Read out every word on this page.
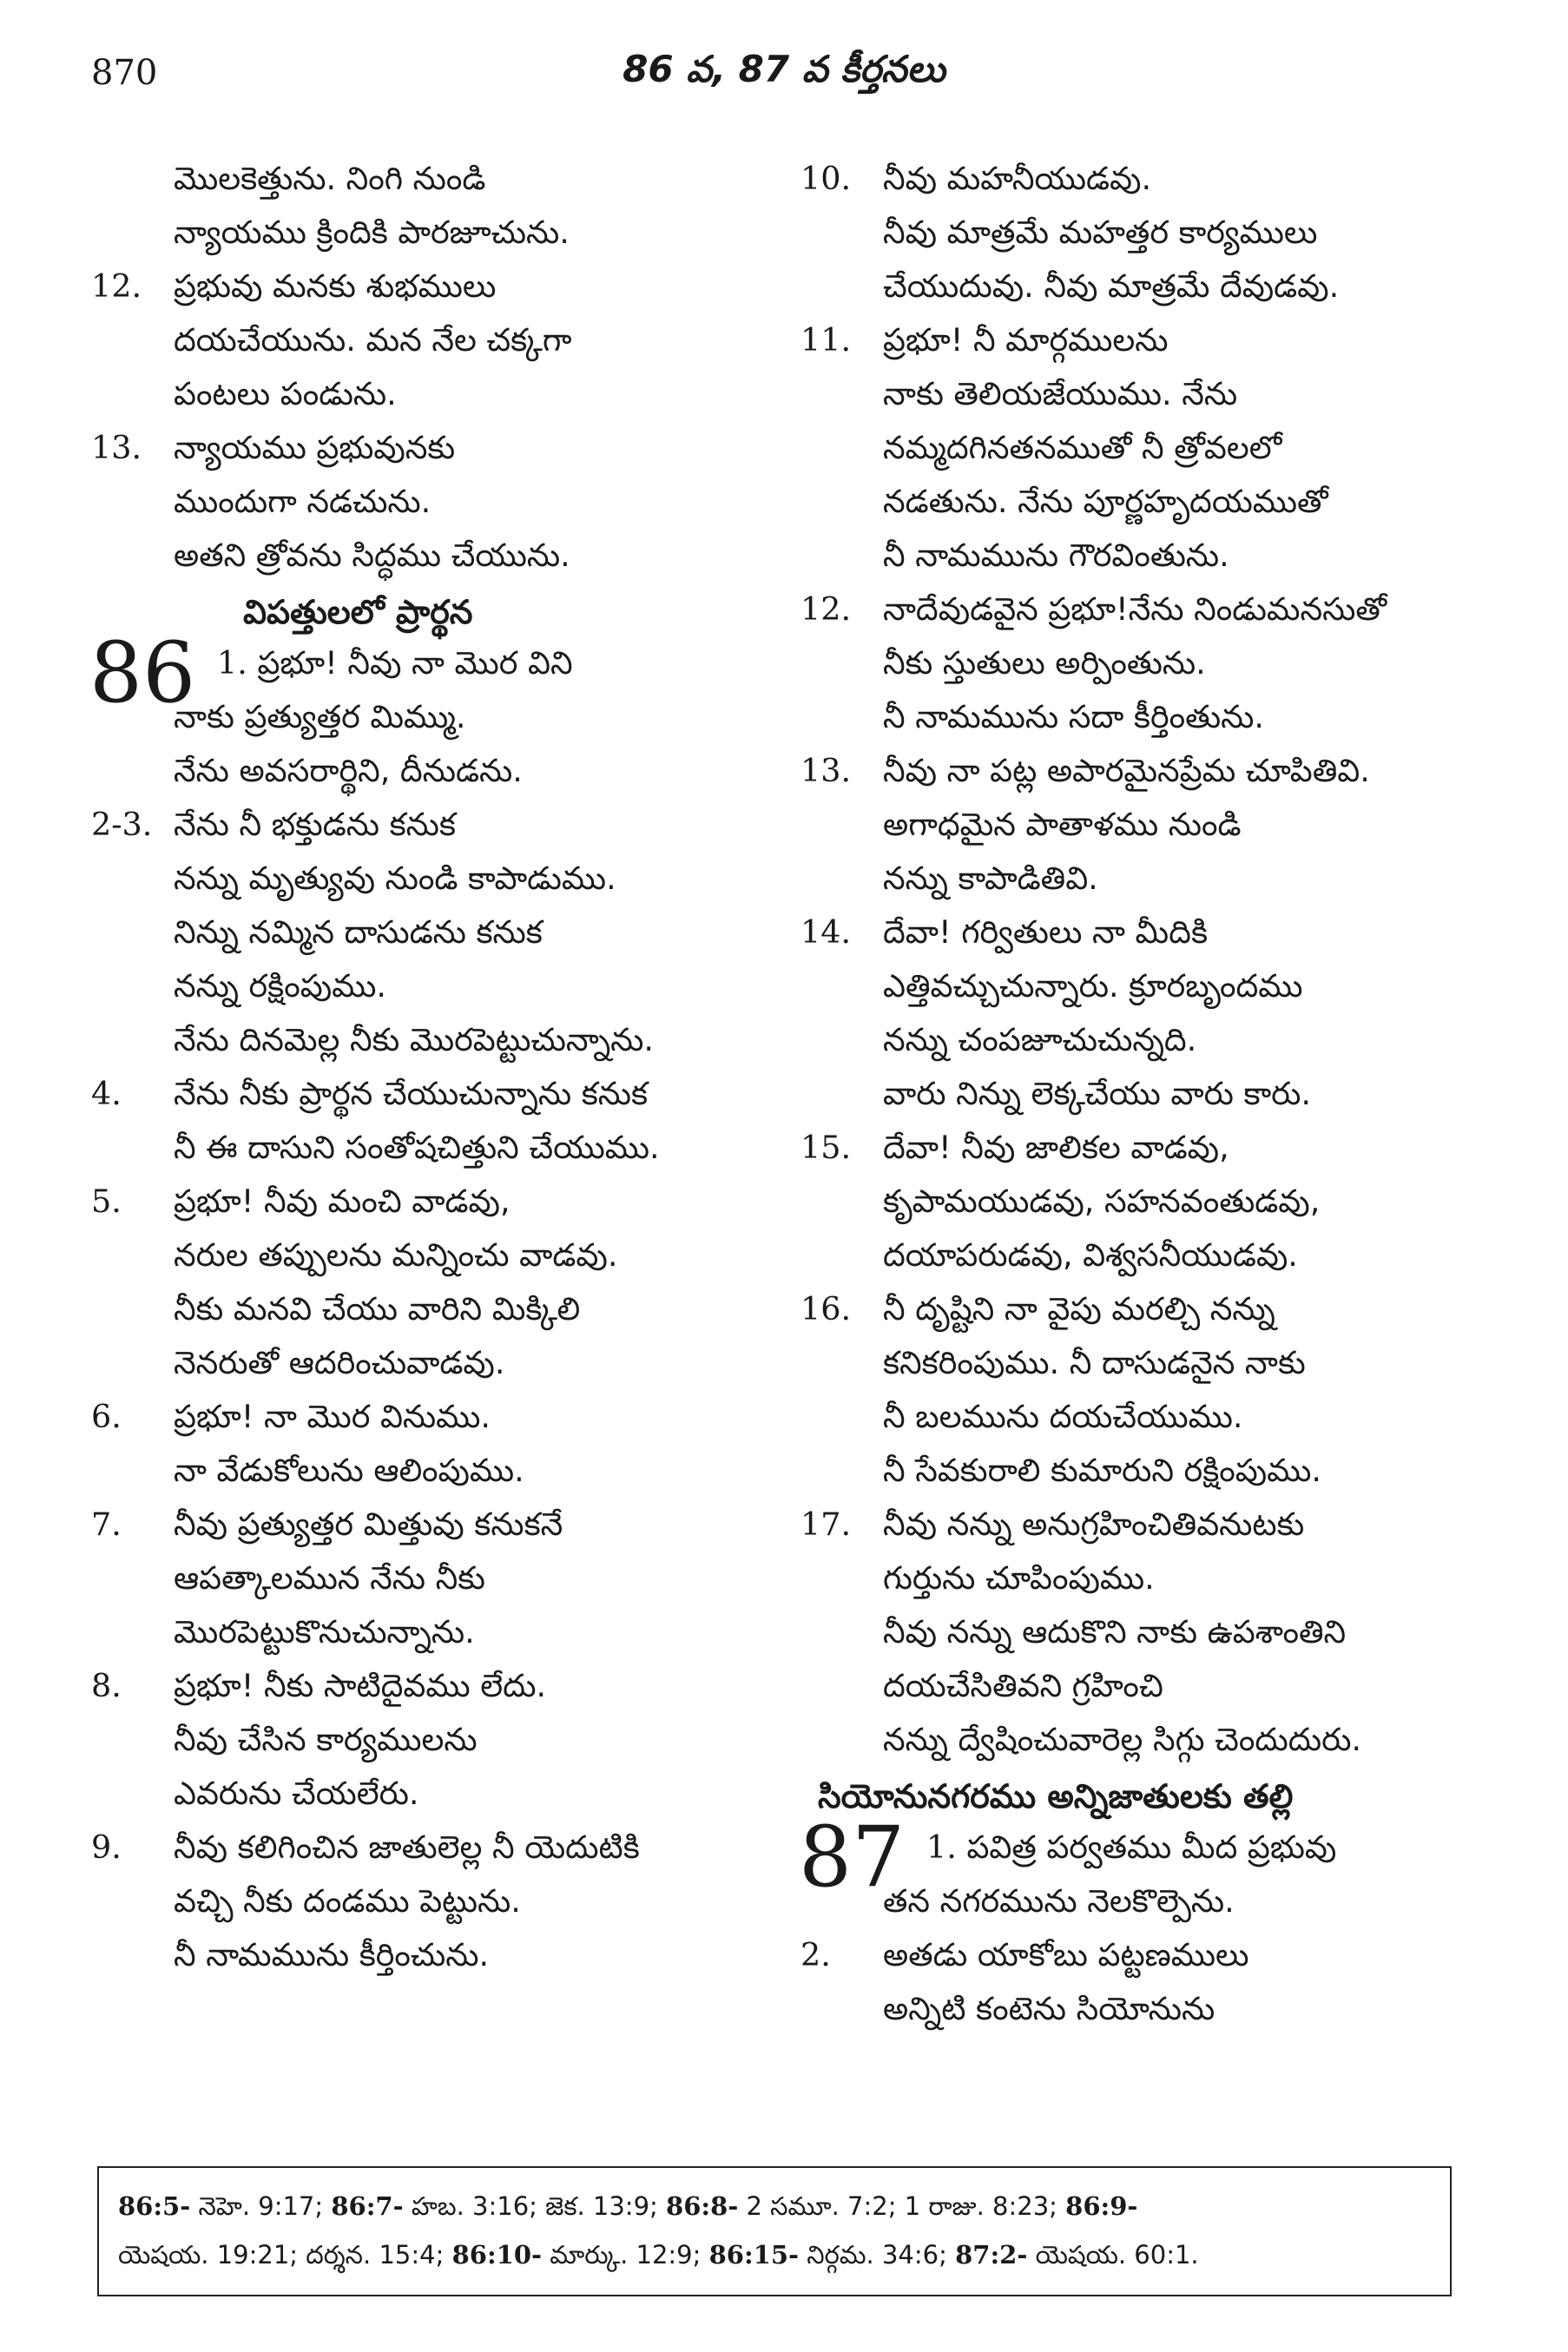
870	86 వ, 87 వ కీర్తనలు
మొలకెత్తును. నింగి నుండి
న్యాయము క్రిందికి పారజూచును.
12. ప్రభువు మనకు శుభములు
దయచేయును. మన నేల చక్కగా
పంటలు పండును.
13. న్యాయము ప్రభువునకు
ముందుగా నడచును.
అతని త్రోవను సిద్ధము చేయును.
విపత్తులలో ప్రార్థన
86 1. ప్రభూ! నీవు నా మొర విని
నాకు ప్రత్యుత్తర మిమ్ము.
నేను అవసరార్థిని, దీనుడను.
2-3. నేను నీ భక్తుడను కనుక
నన్ను మృత్యువు నుండి కాపాడుము.
నిన్ను నమ్మిన దాసుడను కనుక
నన్ను రక్షింపుము.
నేను దినమెల్ల నీకు మొరపెట్టుచున్నాను.
4. నేను నీకు ప్రార్థన చేయుచున్నాను కనుక
నీ ఈ దాసుని సంతోషచిత్తుని చేయుము.
5. ప్రభూ! నీవు మంచి వాడవు,
నరుల తప్పులను మన్నించు వాడవు.
నీకు మనవి చేయు వారిని మిక్కిలి
నెనరుతో ఆదరించువాడవు.
6. ప్రభూ! నా మొర వినుము.
నా వేడుకోలును ఆలింపుము.
7. నీవు ప్రత్యుత్తర మిత్తువు కనుకనే
ఆపత్కాలమున నేను నీకు
మొరపెట్టుకొనుచున్నాను.
8. ప్రభూ! నీకు సాటిదైవము లేదు.
నీవు చేసిన కార్యములను
ఎవరును చేయలేరు.
9. నీవు కలిగించిన జాతులెల్ల నీ యెదుటికి
వచ్చి నీకు దండము పెట్టును.
నీ నామమును కీర్తించును.
10. నీవు మహనీయుడవు.
నీవు మాత్రమే మహత్తర కార్యములు
చేయుదువు. నీవు మాత్రమే దేవుడవు.
11. ప్రభూ! నీ మార్గములను
నాకు తెలియజేయుము. నేను
నమ్మదగినతనముతో నీ త్రోవలలో
నడతును. నేను పూర్ణహృదయముతో
నీ నామమును గౌరవింతును.
12. నాదేవుడవైన ప్రభూ!నేను నిండుమనసుతో
నీకు స్తుతులు అర్పింతును.
నీ నామమును సదా కీర్తింతును.
13. నీవు నా పట్ల అపారమైనప్రేమ చూపితివి.
అగాధమైన పాతాళము నుండి
నన్ను కాపాడితివి.
14. దేవా! గర్వితులు నా మీదికి
ఎత్తివచ్చుచున్నారు. క్రూరబృందము
నన్ను చంపజూచుచున్నది.
వారు నిన్ను లెక్కచేయు వారు కారు.
15. దేవా! నీవు జాలికల వాడవు,
కృపామయుడవు, సహనవంతుడవు,
దయాపరుడవు, విశ్వసనీయుడవు.
16. నీ దృష్టిని నా వైపు మరల్చి నన్ను
కనికరింపుము. నీ దాసుడనైన నాకు
నీ బలమును దయచేయుము.
నీ సేవకురాలి కుమారుని రక్షింపుము.
17. నీవు నన్ను అనుగ్రహించితివనుటకు
గుర్తును చూపింపుము.
నీవు నన్ను ఆదుకొని నాకు ఉపశాంతిని
దయచేసితివని గ్రహించి
నన్ను ద్వేషించువారెల్ల సిగ్గు చెందుదురు.
సియోనునగరము అన్నిజాతులకు తల్లి
87 1. పవిత్ర పర్వతము మీద ప్రభువు
తన నగరమును నెలకొల్పెను.
2. అతడు యాకోబు పట్టణములు
అన్నిటి కంటెను సియోనును
86:5- నెహె. 9:17; 86:7- హబ. 3:16; జెక. 13:9; 86:8- 2 సమూ. 7:2; 1 రాజు. 8:23; 86:9-
యెషయ. 19:21; దర్శన. 15:4; 86:10- మార్కు. 12:9; 86:15- నిర్గమ. 34:6; 87:2- యెషయ. 60:1.
